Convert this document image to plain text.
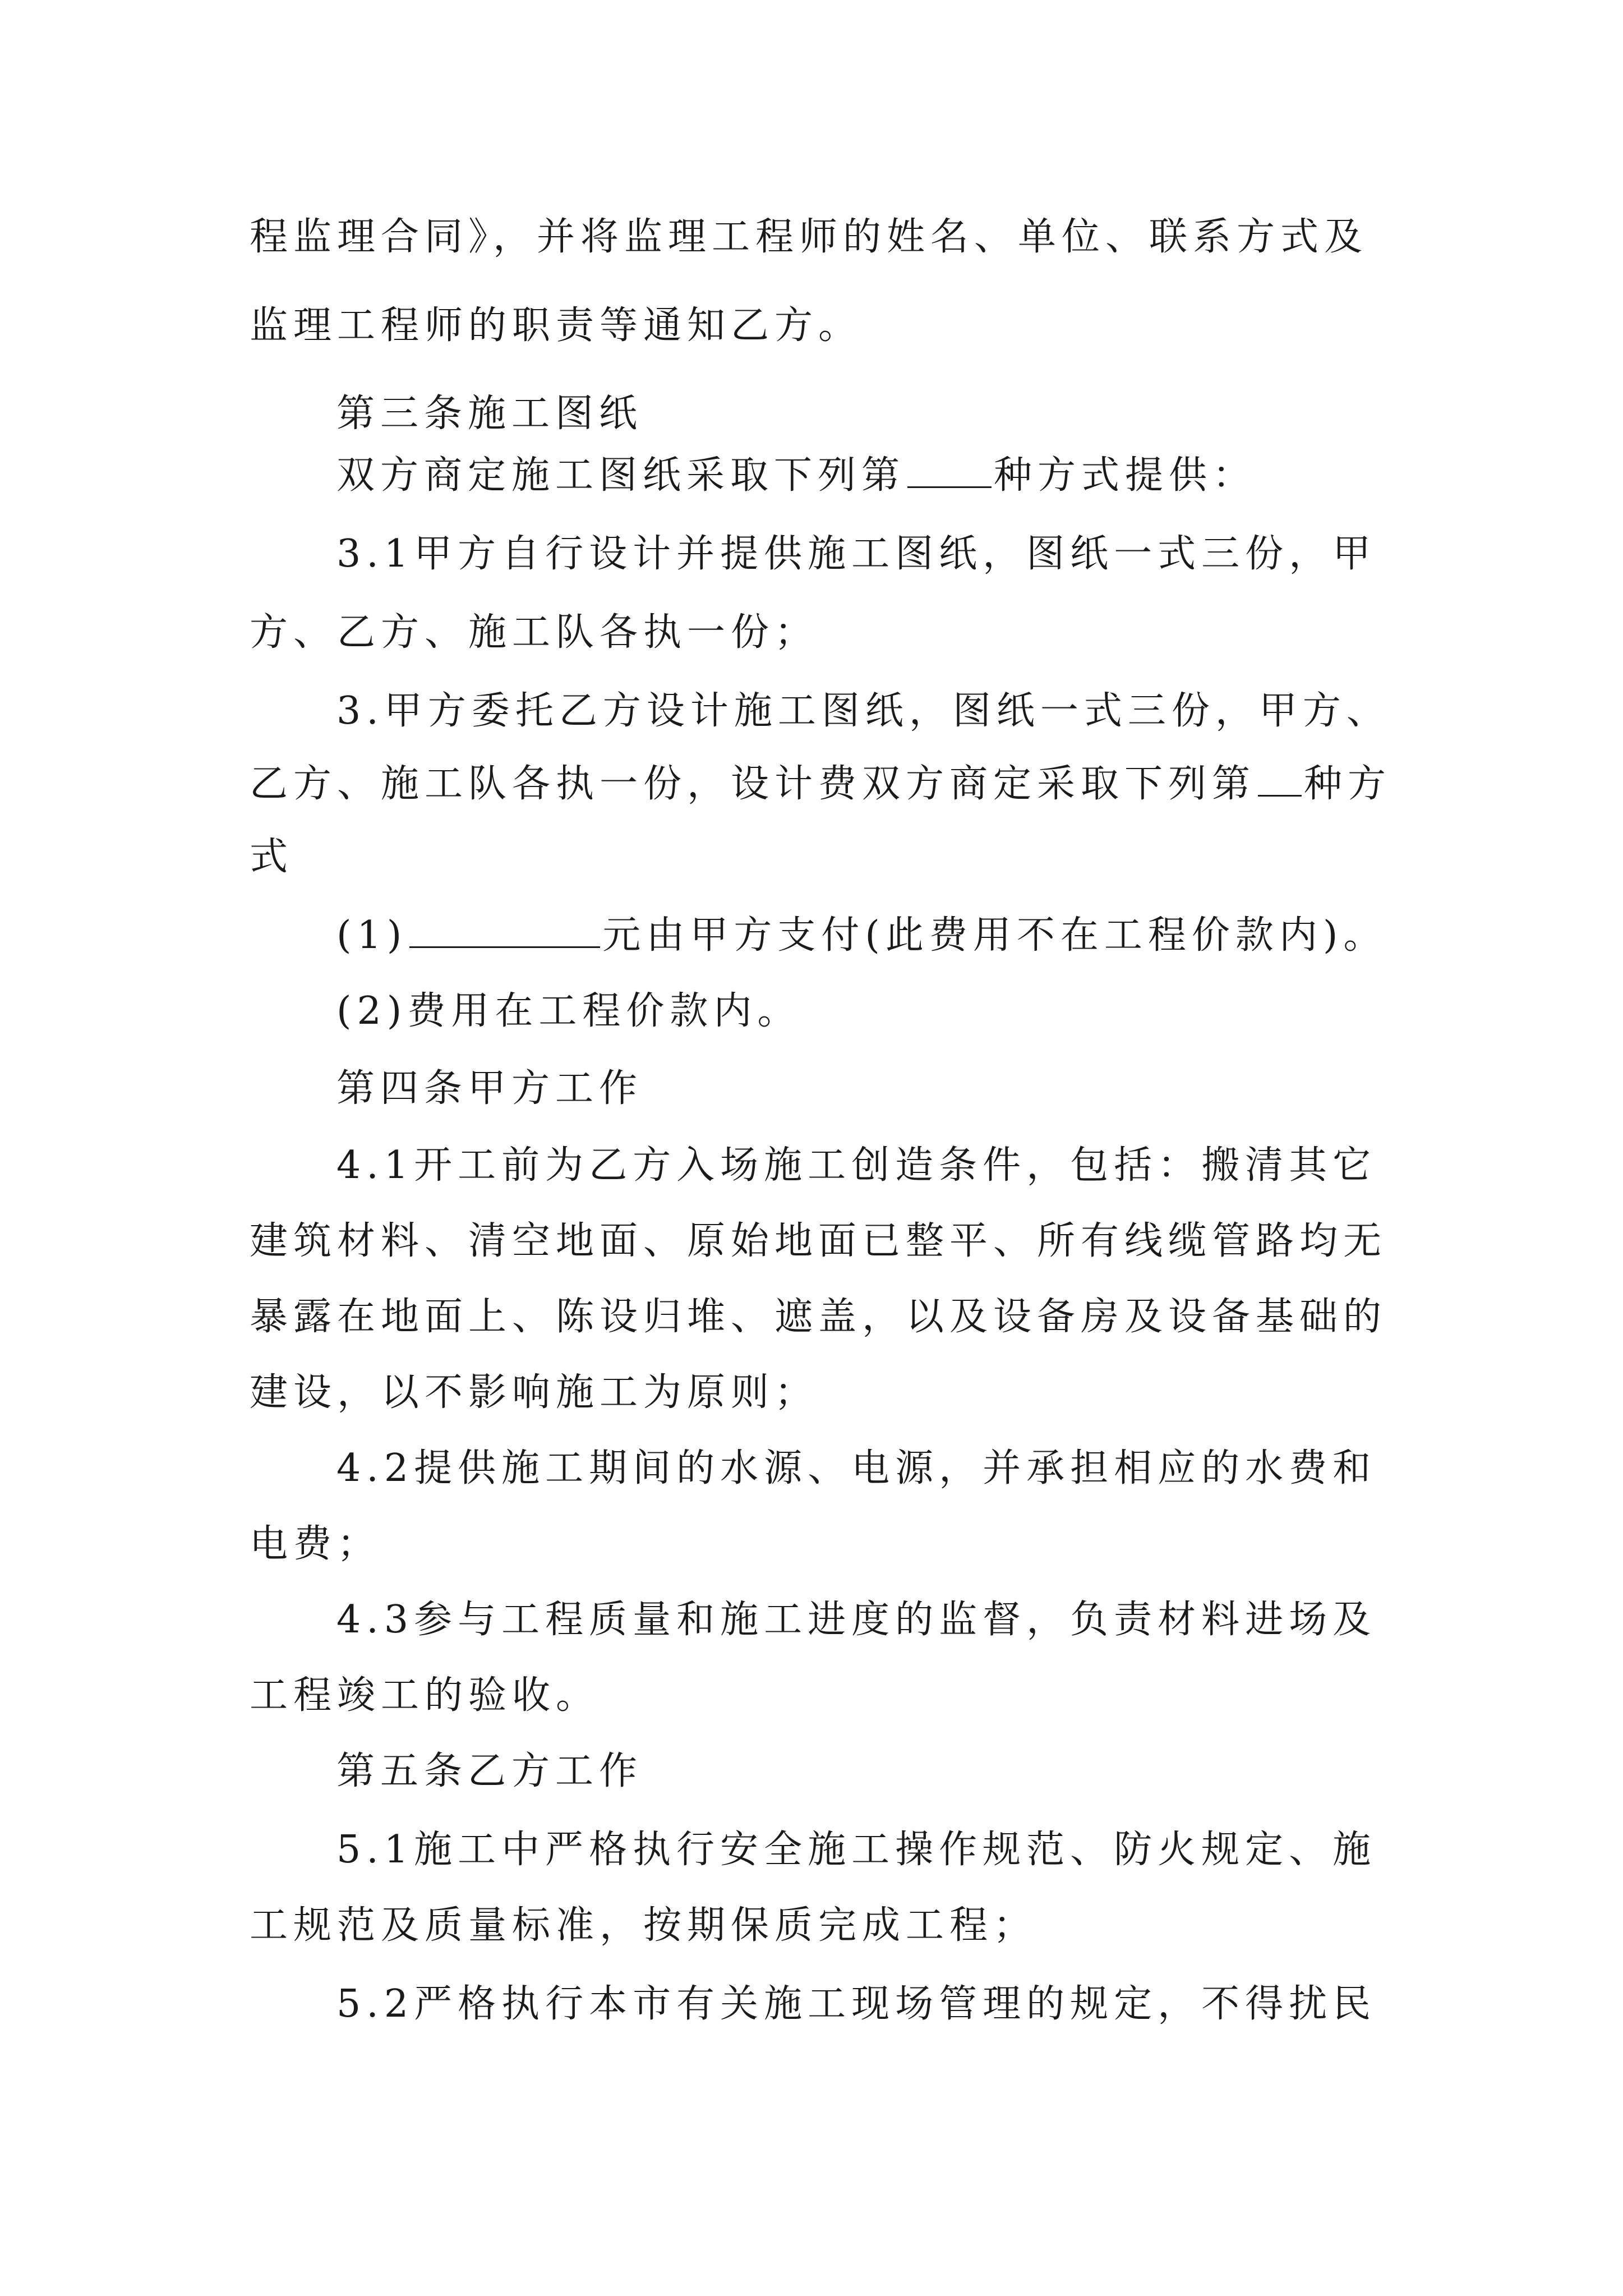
程监理合同》，并将监理工程师的姓名、单位、联系方式及
监理工程师的职责等通知乙方。
第三条施工图纸
双方商定施工图纸采取下列第 种方式提供：
3.1甲方自行设计并提供施工图纸，图纸一式三份，甲
方、乙方、施工队各执一份；
3.甲方委托乙方设计施工图纸，图纸一式三份，甲方、
乙方、施工队各执一份，设计费双方商定采取下列第 种方
式
(1)	元由甲方支付(此费用不在工程价款内)。
(2)费用在工程价款内。
第四条甲方工作
4.1开工前为乙方入场施工创造条件，包括：搬清其它
建筑材料、清空地面、原始地面已整平、所有线缆管路均无
暴露在地面上、陈设归堆、遮盖，以及设备房及设备基础的
建设，以不影响施工为原则；
4.2提供施工期间的水源、电源，并承担相应的水费和
电费；
4.3参与工程质量和施工进度的监督，负责材料进场及
工程竣工的验收。
第五条乙方工作
5.1施工中严格执行安全施工操作规范、防火规定、施
工规范及质量标准，按期保质完成工程；
5.2严格执行本市有关施工现场管理的规定，不得扰民
